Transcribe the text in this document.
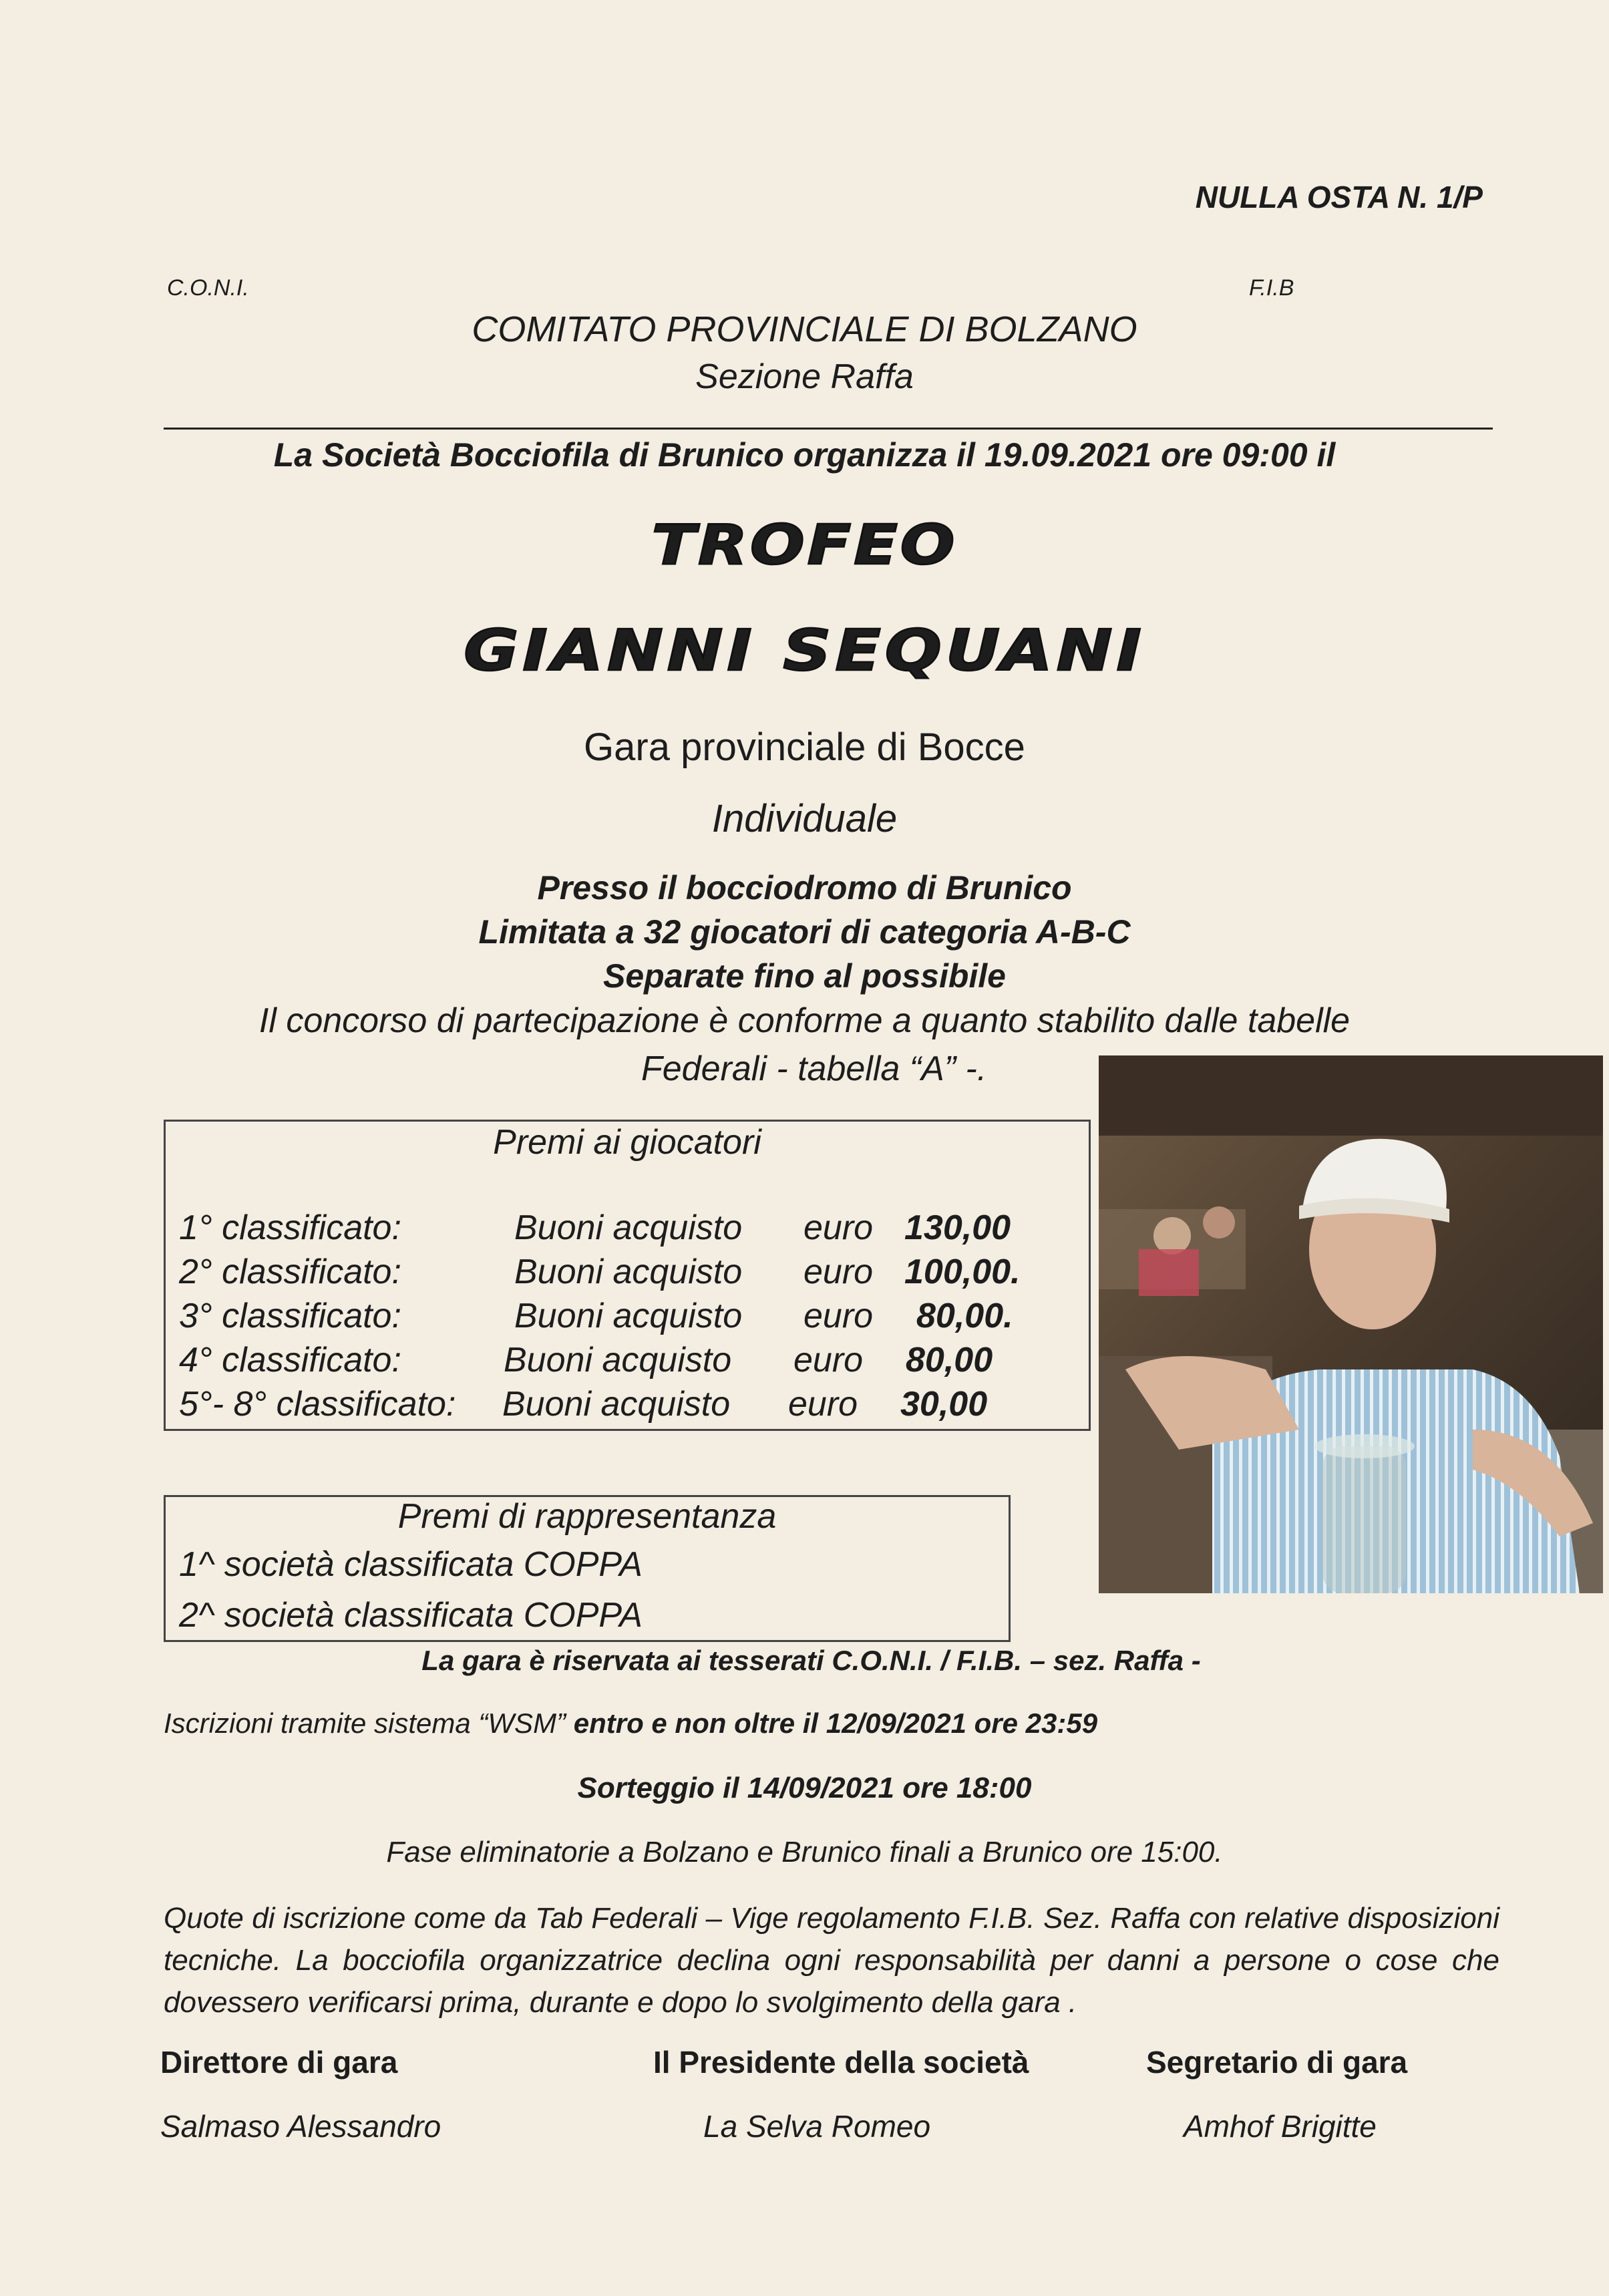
NULLA OSTA N. 1/P
C.O.N.I.	F.I.B
COMITATO PROVINCIALE DI BOLZANO
Sezione Raffa
La Società Bocciofila di Brunico organizza il 19.09.2021 ore 09:00 il
TROFEO
GIANNI SEQUANI
Gara provinciale di Bocce
Individuale
Presso il bocciodromo di Brunico
Limitata a 32 giocatori di categoria A-B-C
Separate fino al possibile
Il concorso di partecipazione è conforme a quanto stabilito dalle tabelle
Federali - tabella “A” -.
Premi ai giocatori
1° classificato:	Buoni acquisto euro 130,00
2° classificato:	Buoni acquisto euro 100,00.
3° classificato:	Buoni acquisto euro 80,00.
4° classificato:	Buoni acquisto euro 80,00
5°- 8° classificato: Buoni acquisto euro 30,00
Premi di rappresentanza
1^ società classificata COPPA
2^ società classificata COPPA
La gara è riservata ai tesserati C.O.N.I. / F.I.B. – sez. Raffa -
Iscrizioni tramite sistema “WSM” entro e non oltre il 12/09/2021 ore 23:59
Sorteggio il 14/09/2021 ore 18:00
Fase eliminatorie a Bolzano e Brunico finali a Brunico ore 15:00.
Quote di iscrizione come da Tab Federali – Vige regolamento F.I.B. Sez. Raffa con relative disposizioni tecniche. La bocciofila organizzatrice declina ogni responsabilità per danni a persone o cose che dovessero verificarsi prima, durante e dopo lo svolgimento della gara .
Direttore di gara	Il Presidente della società	Segretario di gara
Salmaso Alessandro	La Selva Romeo	Amhof Brigitte
